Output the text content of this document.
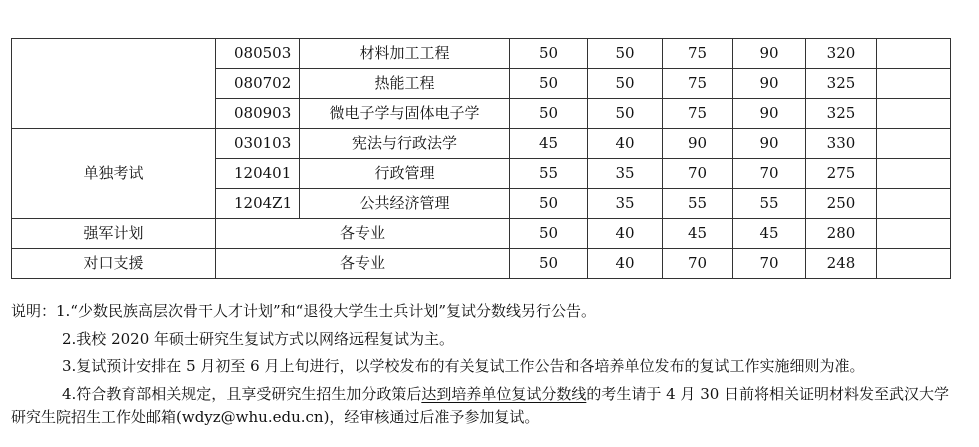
	080503	材料加工工程	50	50	75	90	320	
	080702	热能工程	50	50	75	90	325	
	080903	微电子学与固体电子学	50	50	75	90	325	
单独考试	030103	宪法与行政法学	45	40	90	90	330	
	120401	行政管理	55	35	70	70	275	
	1204Z1	公共经济管理	50	35	55	55	250	
强军计划	各专业		50	40	45	45	280	
对口支援	各专业		50	40	70	70	248	

说明：1.“少数民族高层次骨干人才计划”和“退役大学生士兵计划”复试分数线另行公告。

2.我校 2020 年硕士研究生复试方式以网络远程复试为主。

3.复试预计安排在 5 月初至 6 月上旬进行，以学校发布的有关复试工作公告和各培养单位发布的复试工作实施细则为准。

4.符合教育部相关规定，且享受研究生招生加分政策后达到培养单位复试分数线的考生请于 4 月 30 日前将相关证明材料发至武汉大学研究生院招生工作处邮箱(wdyz@whu.edu.cn)，经审核通过后准予参加复试。
